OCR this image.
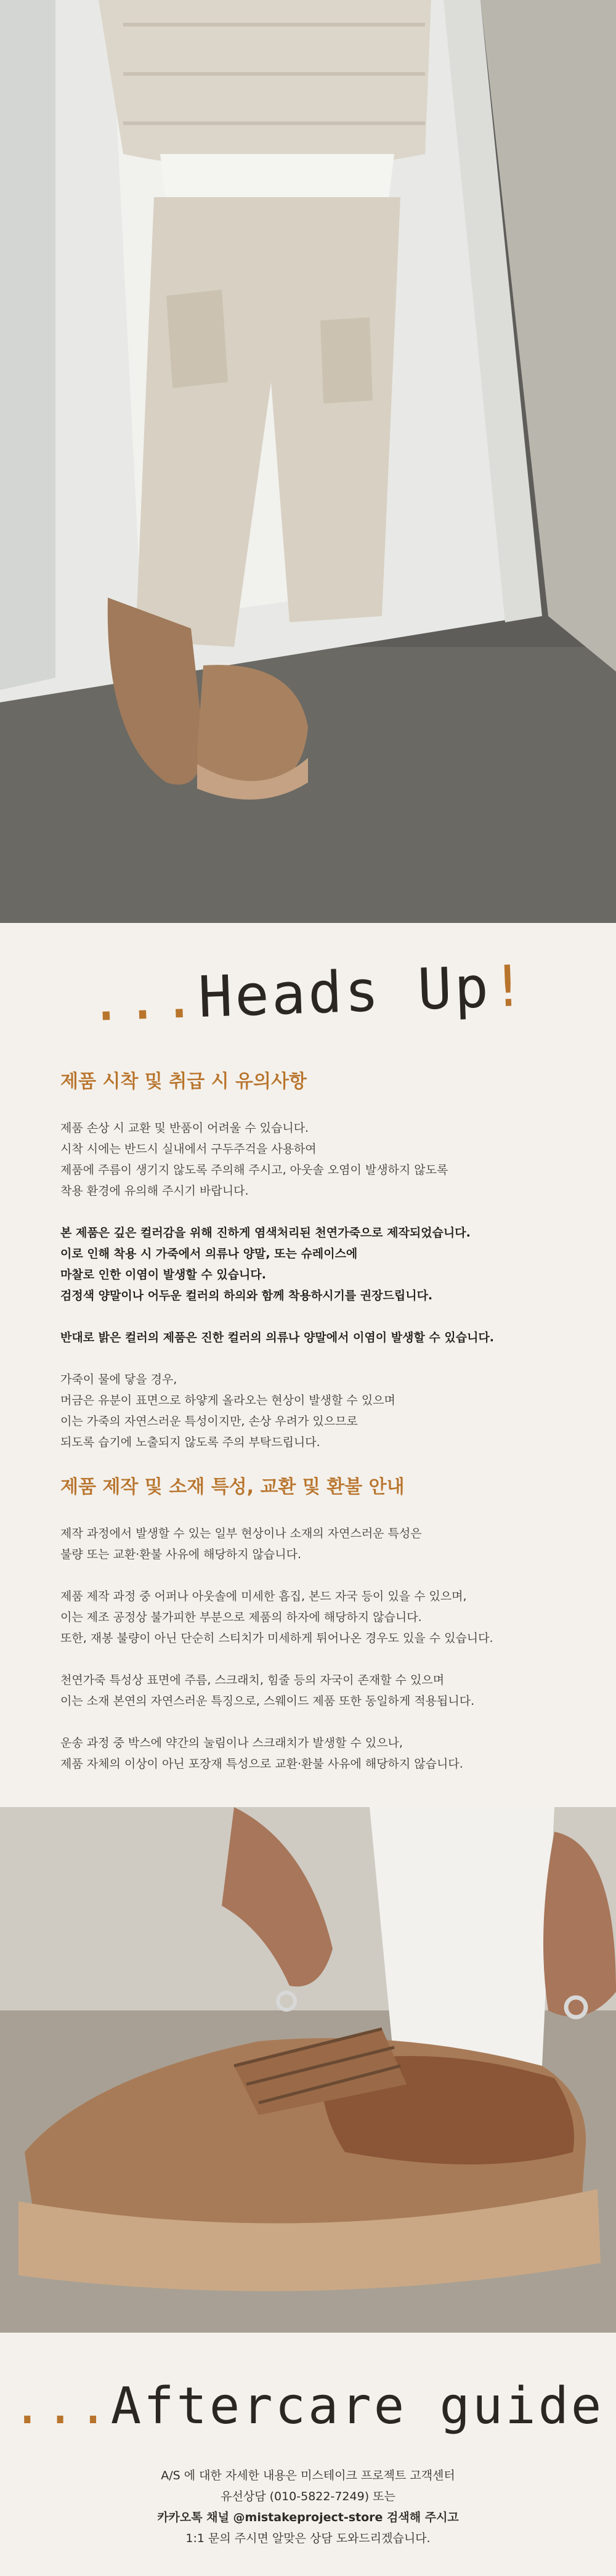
...Heads Up!
제품 시착 및 취급 시 유의사항
제품 손상 시 교환 및 반품이 어려울 수 있습니다.
시착 시에는 반드시 실내에서 구두주걱을 사용하여
제품에 주름이 생기지 않도록 주의해 주시고, 아웃솔 오염이 발생하지 않도록
착용 환경에 유의해 주시기 바랍니다.
본 제품은 깊은 컬러감을 위해 진하게 염색처리된 천연가죽으로 제작되었습니다.
이로 인해 착용 시 가죽에서 의류나 양말, 또는 슈레이스에
마찰로 인한 이염이 발생할 수 있습니다.
검정색 양말이나 어두운 컬러의 하의와 함께 착용하시기를 권장드립니다.
반대로 밝은 컬러의 제품은 진한 컬러의 의류나 양말에서 이염이 발생할 수 있습니다.
가죽이 물에 닿을 경우,
머금은 유분이 표면으로 하얗게 올라오는 현상이 발생할 수 있으며
이는 가죽의 자연스러운 특성이지만, 손상 우려가 있으므로
되도록 습기에 노출되지 않도록 주의 부탁드립니다.
제품 제작 및 소재 특성, 교환 및 환불 안내
제작 과정에서 발생할 수 있는 일부 현상이나 소재의 자연스러운 특성은
불량 또는 교환·환불 사유에 해당하지 않습니다.
제품 제작 과정 중 어퍼나 아웃솔에 미세한 흠집, 본드 자국 등이 있을 수 있으며,
이는 제조 공정상 불가피한 부분으로 제품의 하자에 해당하지 않습니다.
또한, 재봉 불량이 아닌 단순히 스티치가 미세하게 튀어나온 경우도 있을 수 있습니다.
천연가죽 특성상 표면에 주름, 스크래치, 힘줄 등의 자국이 존재할 수 있으며
이는 소재 본연의 자연스러운 특징으로, 스웨이드 제품 또한 동일하게 적용됩니다.
운송 과정 중 박스에 약간의 눌림이나 스크래치가 발생할 수 있으나,
제품 자체의 이상이 아닌 포장재 특성으로 교환·환불 사유에 해당하지 않습니다.
...Aftercare guide
A/S 에 대한 자세한 내용은 미스테이크 프로젝트 고객센터
유선상담 (010-5822-7249) 또는
카카오톡 채널 @mistakeproject-store 검색해 주시고
1:1 문의 주시면 알맞은 상담 도와드리겠습니다.
